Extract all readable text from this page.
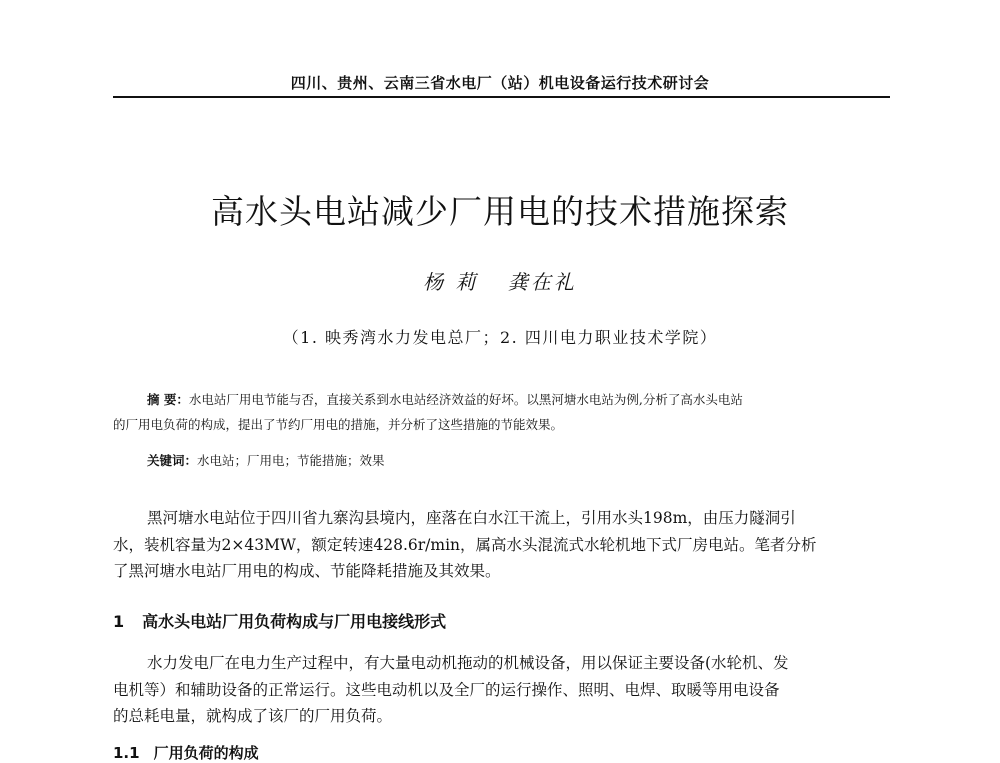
四川、贵州、云南三省水电厂（站）机电设备运行技术研讨会
高水头电站减少厂用电的技术措施探索
杨 莉 龚在礼
（1. 映秀湾水力发电总厂；2. 四川电力职业技术学院）
摘 要：水电站厂用电节能与否，直接关系到水电站经济效益的好坏。以黑河塘水电站为例,分析了高水头电站
的厂用电负荷的构成，提出了节约厂用电的措施，并分析了这些措施的节能效果。
关键词：水电站；厂用电；节能措施；效果
黑河塘水电站位于四川省九寨沟县境内，座落在白水江干流上，引用水头198m，由压力隧洞引
水，装机容量为2×43MW，额定转速428.6r/min，属高水头混流式水轮机地下式厂房电站。笔者分析
了黑河塘水电站厂用电的构成、节能降耗措施及其效果。
1 高水头电站厂用负荷构成与厂用电接线形式
水力发电厂在电力生产过程中，有大量电动机拖动的机械设备，用以保证主要设备(水轮机、发
电机等）和辅助设备的正常运行。这些电动机以及全厂的运行操作、照明、电焊、取暖等用电设备
的总耗电量，就构成了该厂的厂用负荷。
1.1 厂用负荷的构成
